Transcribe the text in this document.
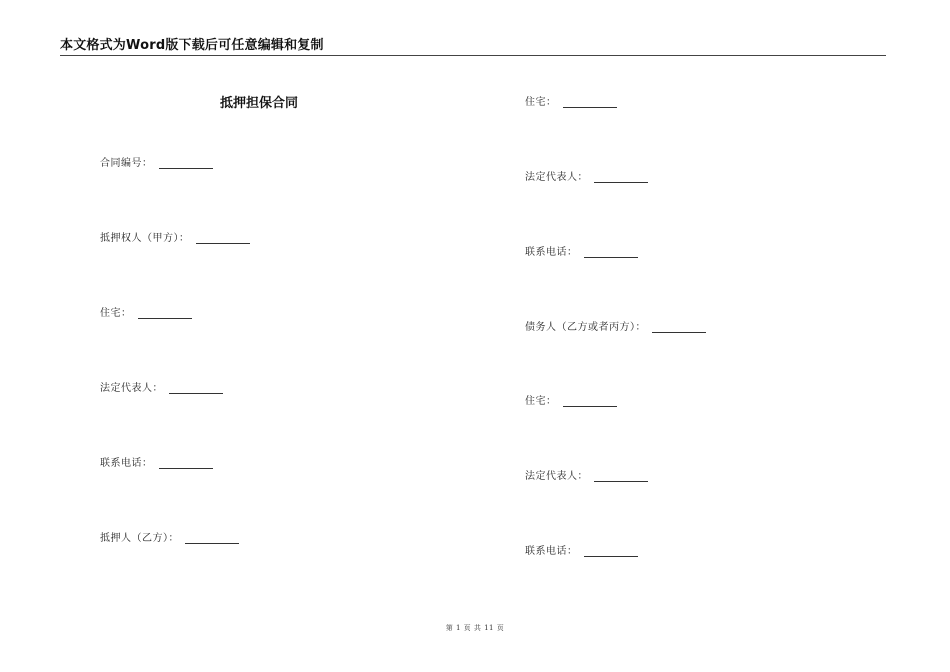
本文格式为Word版下载后可任意编辑和复制
抵押担保合同
合同编号：
抵押权人（甲方）：
住宅：
法定代表人：
联系电话：
抵押人（乙方）：
住宅：
法定代表人：
联系电话：
债务人（乙方或者丙方）：
住宅：
法定代表人：
联系电话：
第 1 页 共 11 页
